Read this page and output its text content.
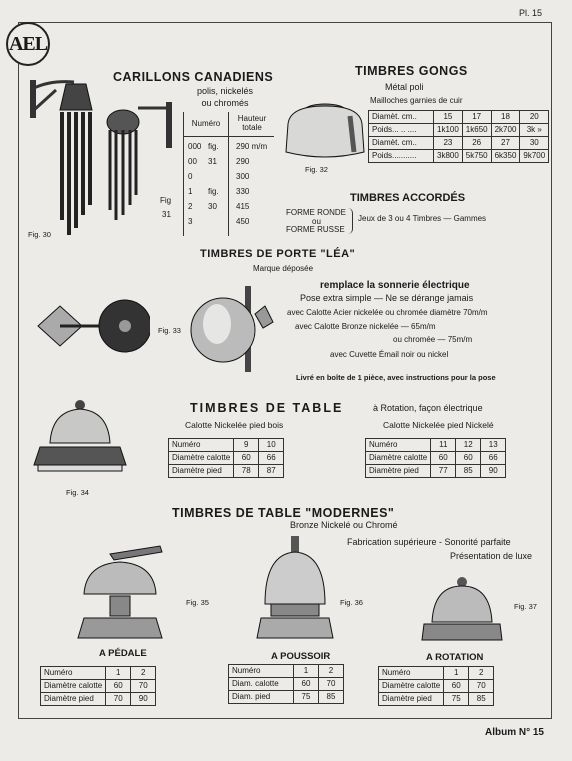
Pl. 15
AEL
CARILLONS CANADIENS
polis, nickelés
ou chromés
Numéro
Hauteur totale
000 fig. 290 m/m
00 31 290
0	300
1 fig. 330
2 30 415
3	450
Fig
31
Fig. 30
TIMBRES GONGS
Métal poli
Mailloches garnies de cuir
Fig. 32
Diamèt. cm..	15	17	18	20
Poids... .. ....	1k100	1k650	2k700	3k »
Diamèt. cm..	23	26	27	30
Poids...........	3k800	5k750	6k350	9k700
TIMBRES ACCORDÉS
FORME RONDE
ou
FORME RUSSE
Jeux de 3 ou 4 Timbres — Gammes
TIMBRES DE PORTE "LÉA"
Marque déposée
remplace la sonnerie électrique
Pose extra simple — Ne se dérange jamais
avec Calotte Acier nickelée ou chromée diamètre 70m/m
avec Calotte Bronze nickelée — 65m/m
ou chromée — 75m/m
avec Cuvette Émail noir ou nickel
Livré en boîte de 1 pièce, avec instructions pour la pose
Fig. 33
TIMBRES DE TABLE	à Rotation, façon électrique
Calotte Nickelée pied bois	Calotte Nickelée pied Nickelé
Numéro	9	10
Diamètre calotte	60	66
Diamètre pied	78	87
Numéro	11	12	13
Diamètre calotte	60	60	66
Diamètre pied	77	85	90
Fig. 34
TIMBRES DE TABLE "MODERNES"
Bronze Nickelé ou Chromé
Fabrication supérieure - Sonorité parfaite
Présentation de luxe
Fig. 35	Fig. 36	Fig. 37
A PÉDALE	A POUSSOIR	A ROTATION
Numéro	1	2
Diamètre calotte	60	70
Diamètre pied	70	90
Numéro	1	2
Diam. calotte	60	70
Diam. pied	75	85
Numéro	1	2
Diamètre calotte	60	70
Diamètre pied	75	85
Album N° 15
